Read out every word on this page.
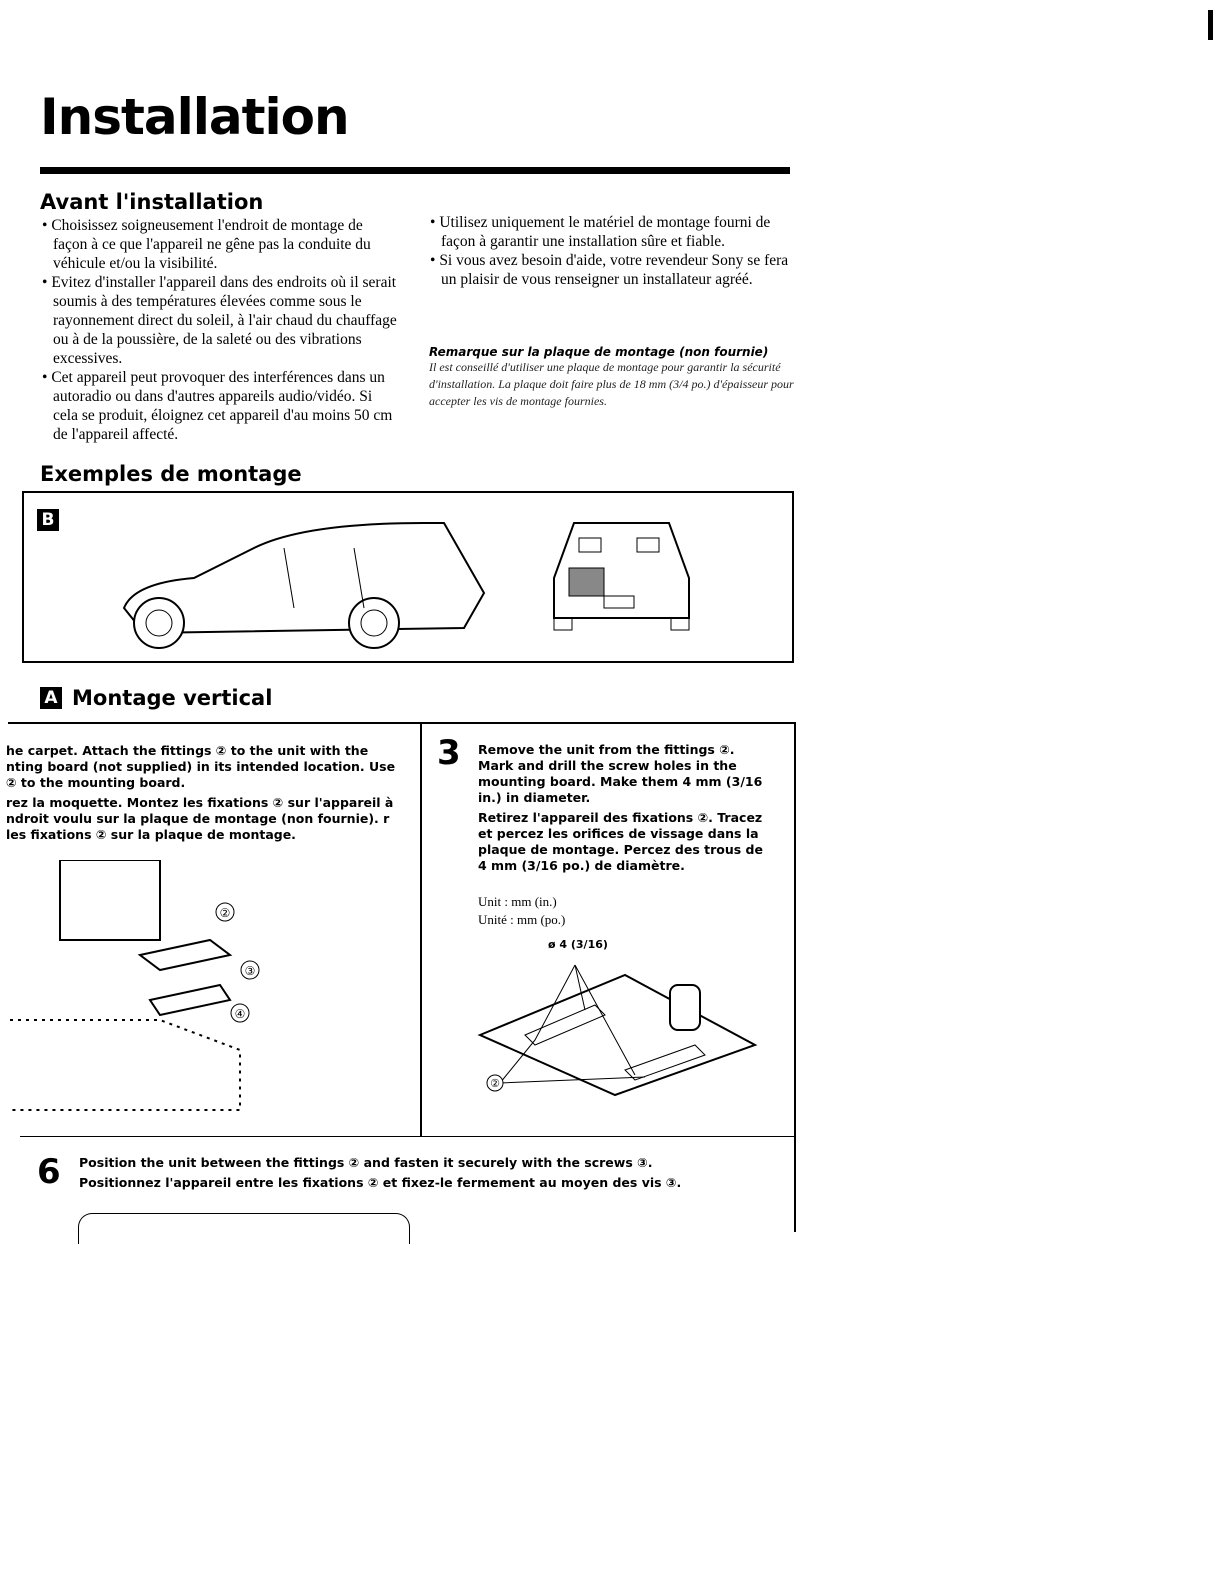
Installation
Avant l'installation
• Choisissez soigneusement l'endroit de montage de façon à ce que l'appareil ne gêne pas la conduite du véhicule et/ou la visibilité.
• Evitez d'installer l'appareil dans des endroits où il serait soumis à des températures élevées comme sous le rayonnement direct du soleil, à l'air chaud du chauffage ou à de la poussière, de la saleté ou des vibrations excessives.
• Cet appareil peut provoquer des interférences dans un autoradio ou dans d'autres appareils audio/vidéo. Si cela se produit, éloignez cet appareil d'au moins 50 cm de l'appareil affecté.
• Utilisez uniquement le matériel de montage fourni de façon à garantir une installation sûre et fiable.
• Si vous avez besoin d'aide, votre revendeur Sony se fera un plaisir de vous renseigner un installateur agréé.
Remarque sur la plaque de montage (non fournie)
Il est conseillé d'utiliser une plaque de montage pour garantir la sécurité d'installation. La plaque doit faire plus de 18 mm (3/4 po.) d'épaisseur pour accepter les vis de montage fournies.
Exemples de montage
B
A Montage vertical
he carpet. Attach the fittings ② to the unit with the nting board (not supplied) in its intended location. Use ② to the mounting board.
rez la moquette. Montez les fixations ② sur l'appareil à ndroit voulu sur la plaque de montage (non fournie). r les fixations ② sur la plaque de montage.
②
③
④
3 Remove the unit from the fittings ②. Mark and drill the screw holes in the mounting board. Make them 4 mm (3/16 in.) in diameter.
Retirez l'appareil des fixations ②. Tracez et percez les orifices de vissage dans la plaque de montage. Percez des trous de 4 mm (3/16 po.) de diamètre.
Unit : mm (in.)
Unité : mm (po.)
ø 4 (3/16)
②
6 Position the unit between the fittings ② and fasten it securely with the screws ③.
Positionnez l'appareil entre les fixations ② et fixez-le fermement au moyen des vis ③.
